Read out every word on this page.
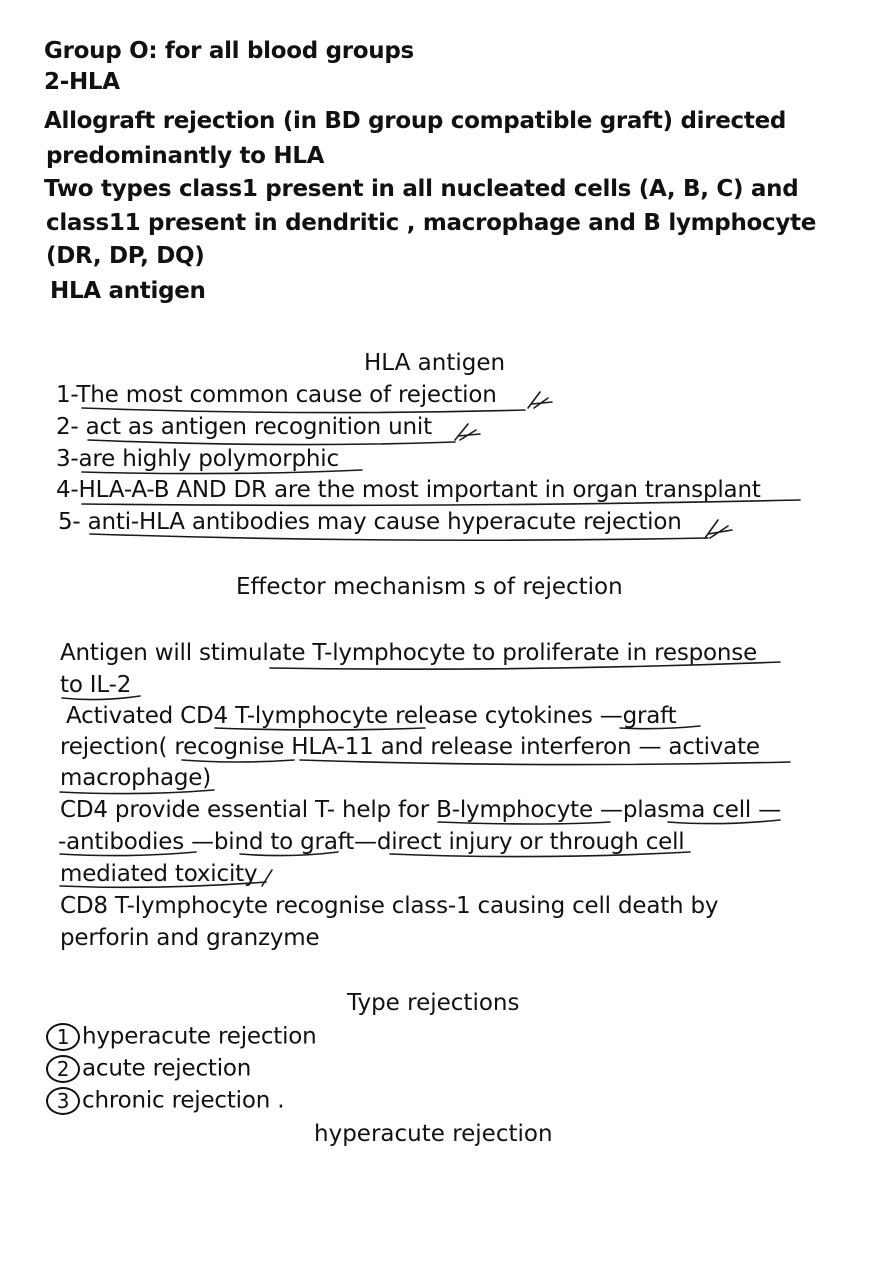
Group O: for all blood groups
2-HLA
Allograft rejection (in BD group compatible graft) directed
predominantly to HLA
Two types class1 present in all nucleated cells (A, B, C) and
class11 present in dendritic , macrophage and B lymphocyte
(DR, DP, DQ)
HLA antigen
HLA antigen
1-The most common cause of rejection
2- act as antigen recognition unit
3-are highly polymorphic
4-HLA-A-B AND DR are the most important in organ transplant
5- anti-HLA antibodies may cause hyperacute rejection
Effector mechanism s of rejection
Antigen will stimulate T-lymphocyte to proliferate in response
to IL-2
Activated CD4 T-lymphocyte release cytokines —graft
rejection( recognise HLA-11 and release interferon — activate
macrophage)
CD4 provide essential T- help for B-lymphocyte —plasma cell —
-antibodies —bind to graft—direct injury or through cell
mediated toxicity
CD8 T-lymphocyte recognise class-1 causing cell death by
perforin and granzyme
Type rejections
1 hyperacute rejection
2 acute rejection
3 chronic rejection .
hyperacute rejection
